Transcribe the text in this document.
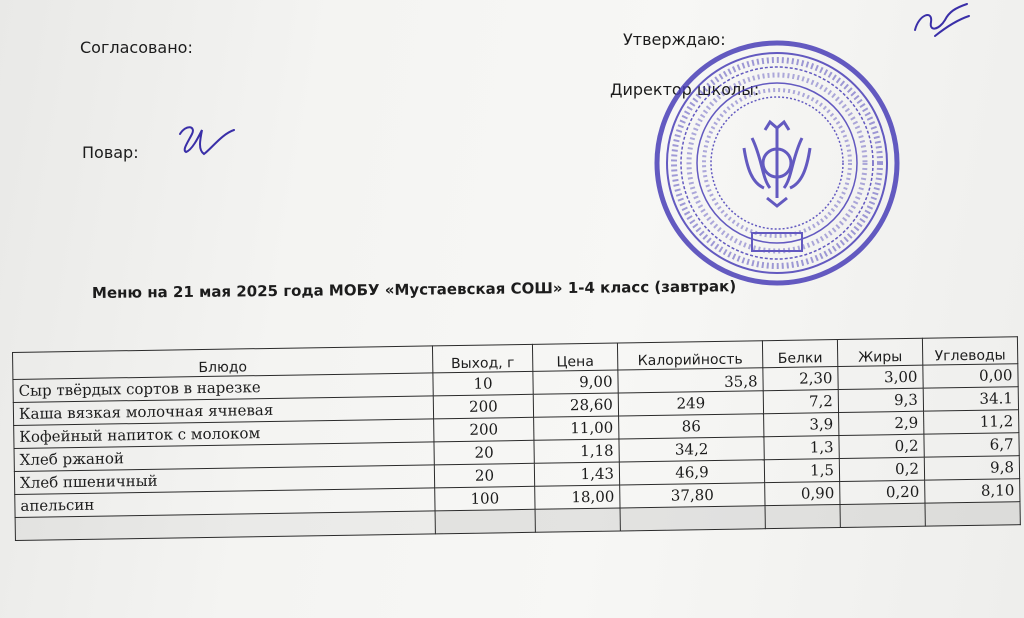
Согласовано:	Утверждаю:
Директор школы:
Повар:
Меню на 21 мая 2025 года МОБУ «Мустаевская СОШ» 1-4 класс (завтрак)
Блюдо	Выход, г	Цена	Калорийность	Белки	Жиры	Углеводы
Сыр твёрдых сортов в нарезке	10	9,00	35,8	2,30	3,00	0,00
Каша вязкая молочная ячневая	200	28,60	249	7,2	9,3	34.1
Кофейный напиток с молоком	200	11,00	86	3,9	2,9	11,2
Хлеб ржаной	20	1,18	34,2	1,3	0,2	6,7
Хлеб пшеничный	20	1,43	46,9	1,5	0,2	9,8
апельсин	100	18,00	37,80	0,90	0,20	8,10
